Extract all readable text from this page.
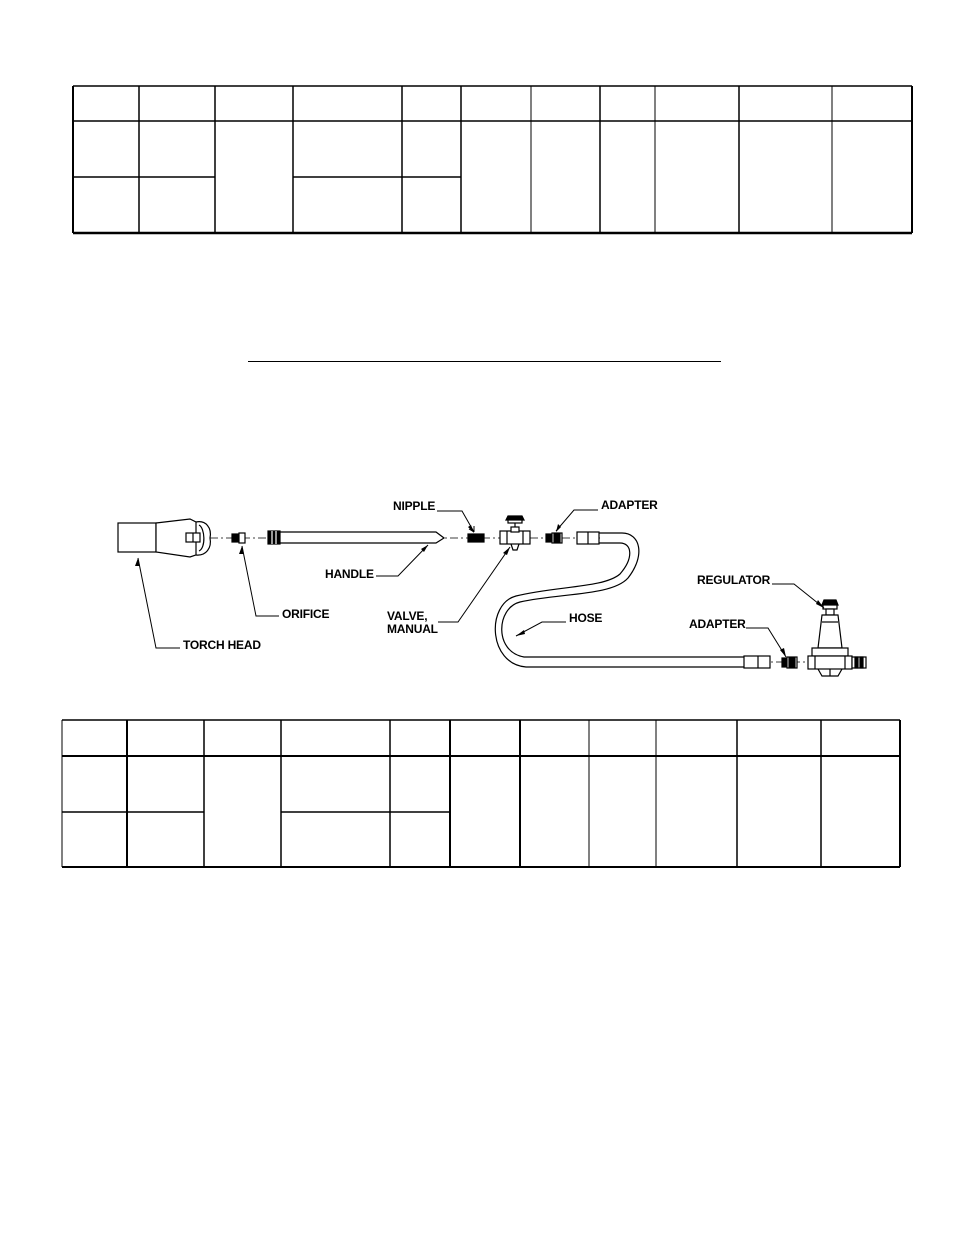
NIPPLE	ADAPTER
HANDLE
ORIFICE	VALVE,
MANUAL
HOSE
REGULATOR
ADAPTER
TORCH HEAD
